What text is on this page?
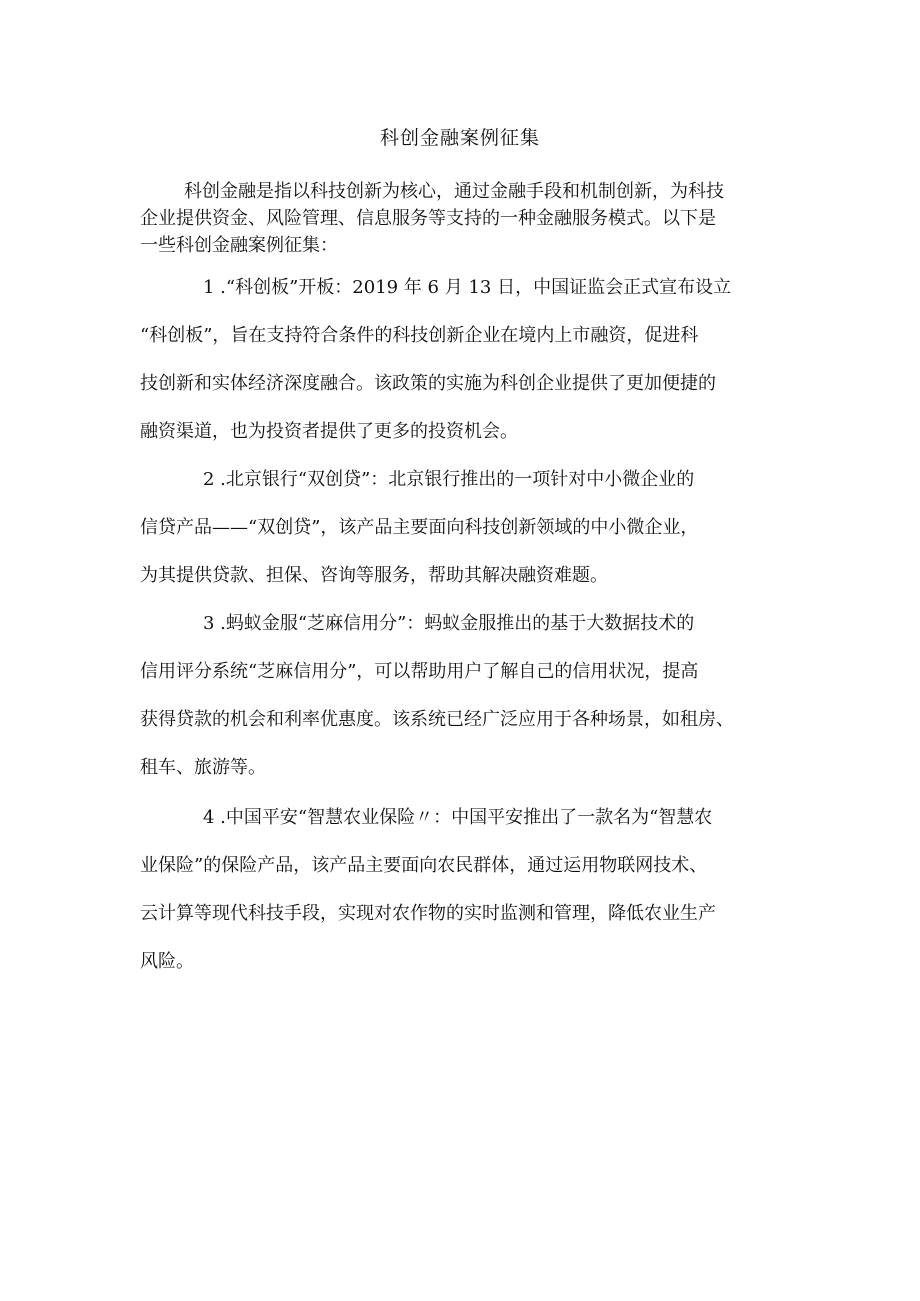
科创金融案例征集
科创金融是指以科技创新为核心，通过金融手段和机制创新，为科技
企业提供资金、风险管理、信息服务等支持的一种金融服务模式。以下是
一些科创金融案例征集：
1 .“科创板”开板：2019 年 6 月 13 日，中国证监会正式宣布设立
“科创板”，旨在支持符合条件的科技创新企业在境内上市融资，促进科
技创新和实体经济深度融合。该政策的实施为科创企业提供了更加便捷的
融资渠道，也为投资者提供了更多的投资机会。
2 .北京银行“双创贷”：北京银行推出的一项针对中小微企业的
信贷产品——“双创贷”，该产品主要面向科技创新领域的中小微企业，
为其提供贷款、担保、咨询等服务，帮助其解决融资难题。
3 .蚂蚁金服“芝麻信用分”：蚂蚁金服推出的基于大数据技术的
信用评分系统“芝麻信用分”，可以帮助用户了解自己的信用状况，提高
获得贷款的机会和利率优惠度。该系统已经广泛应用于各种场景，如租房、
租车、旅游等。
4 .中国平安“智慧农业保险〃：中国平安推出了一款名为“智慧农
业保险”的保险产品，该产品主要面向农民群体，通过运用物联网技术、
云计算等现代科技手段，实现对农作物的实时监测和管理，降低农业生产
风险。
